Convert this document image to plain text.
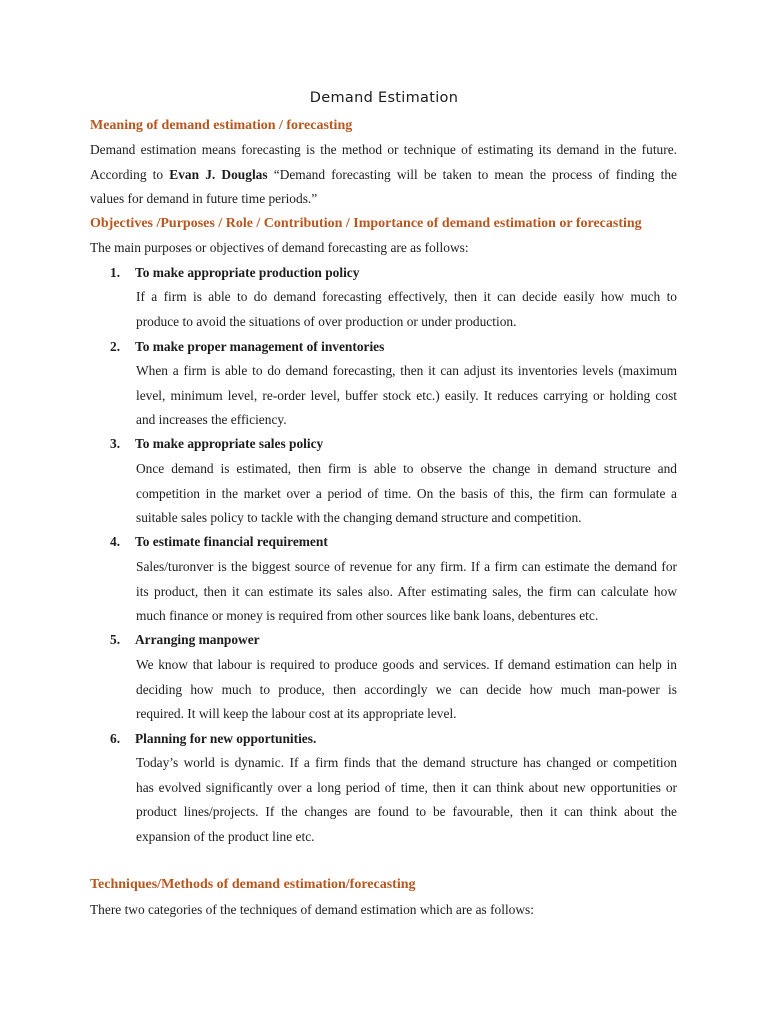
Demand Estimation
Meaning of demand estimation / forecasting
Demand estimation means forecasting is the method or technique of estimating its demand in the future.
According to Evan J. Douglas “Demand forecasting will be taken to mean the process of finding the
values for demand in future time periods.”
Objectives /Purposes / Role / Contribution / Importance of demand estimation or forecasting

The main purposes or objectives of demand forecasting are as follows:

1. To make appropriate production policy

If a firm is able to do demand forecasting effectively, then it can decide easily how much to
produce to avoid the situations of over production or under production.

2. To make proper management of inventories

When a firm is able to do demand forecasting, then it can adjust its inventories levels (maximum
level, minimum level, re-order level, buffer stock etc.) easily. It reduces carrying or holding cost
and increases the efficiency.

3. To make appropriate sales policy

Once demand is estimated, then firm is able to observe the change in demand structure and
competition in the market over a period of time. On the basis of this, the firm can formulate a
suitable sales policy to tackle with the changing demand structure and competition.

4. To estimate financial requirement

Sales/turonver is the biggest source of revenue for any firm. If a firm can estimate the demand for
its product, then it can estimate its sales also. After estimating sales, the firm can calculate how
much finance or money is required from other sources like bank loans, debentures etc.

5. Arranging manpower

We know that labour is required to produce goods and services. If demand estimation can help in
deciding how much to produce, then accordingly we can decide how much man-power is
required. It will keep the labour cost at its appropriate level.

6. Planning for new opportunities.

Today’s world is dynamic. If a firm finds that the demand structure has changed or competition
has evolved significantly over a long period of time, then it can think about new opportunities or
product lines/projects. If the changes are found to be favourable, then it can think about the
expansion of the product line etc.
Techniques/Methods of demand estimation/forecasting

There two categories of the techniques of demand estimation which are as follows:
